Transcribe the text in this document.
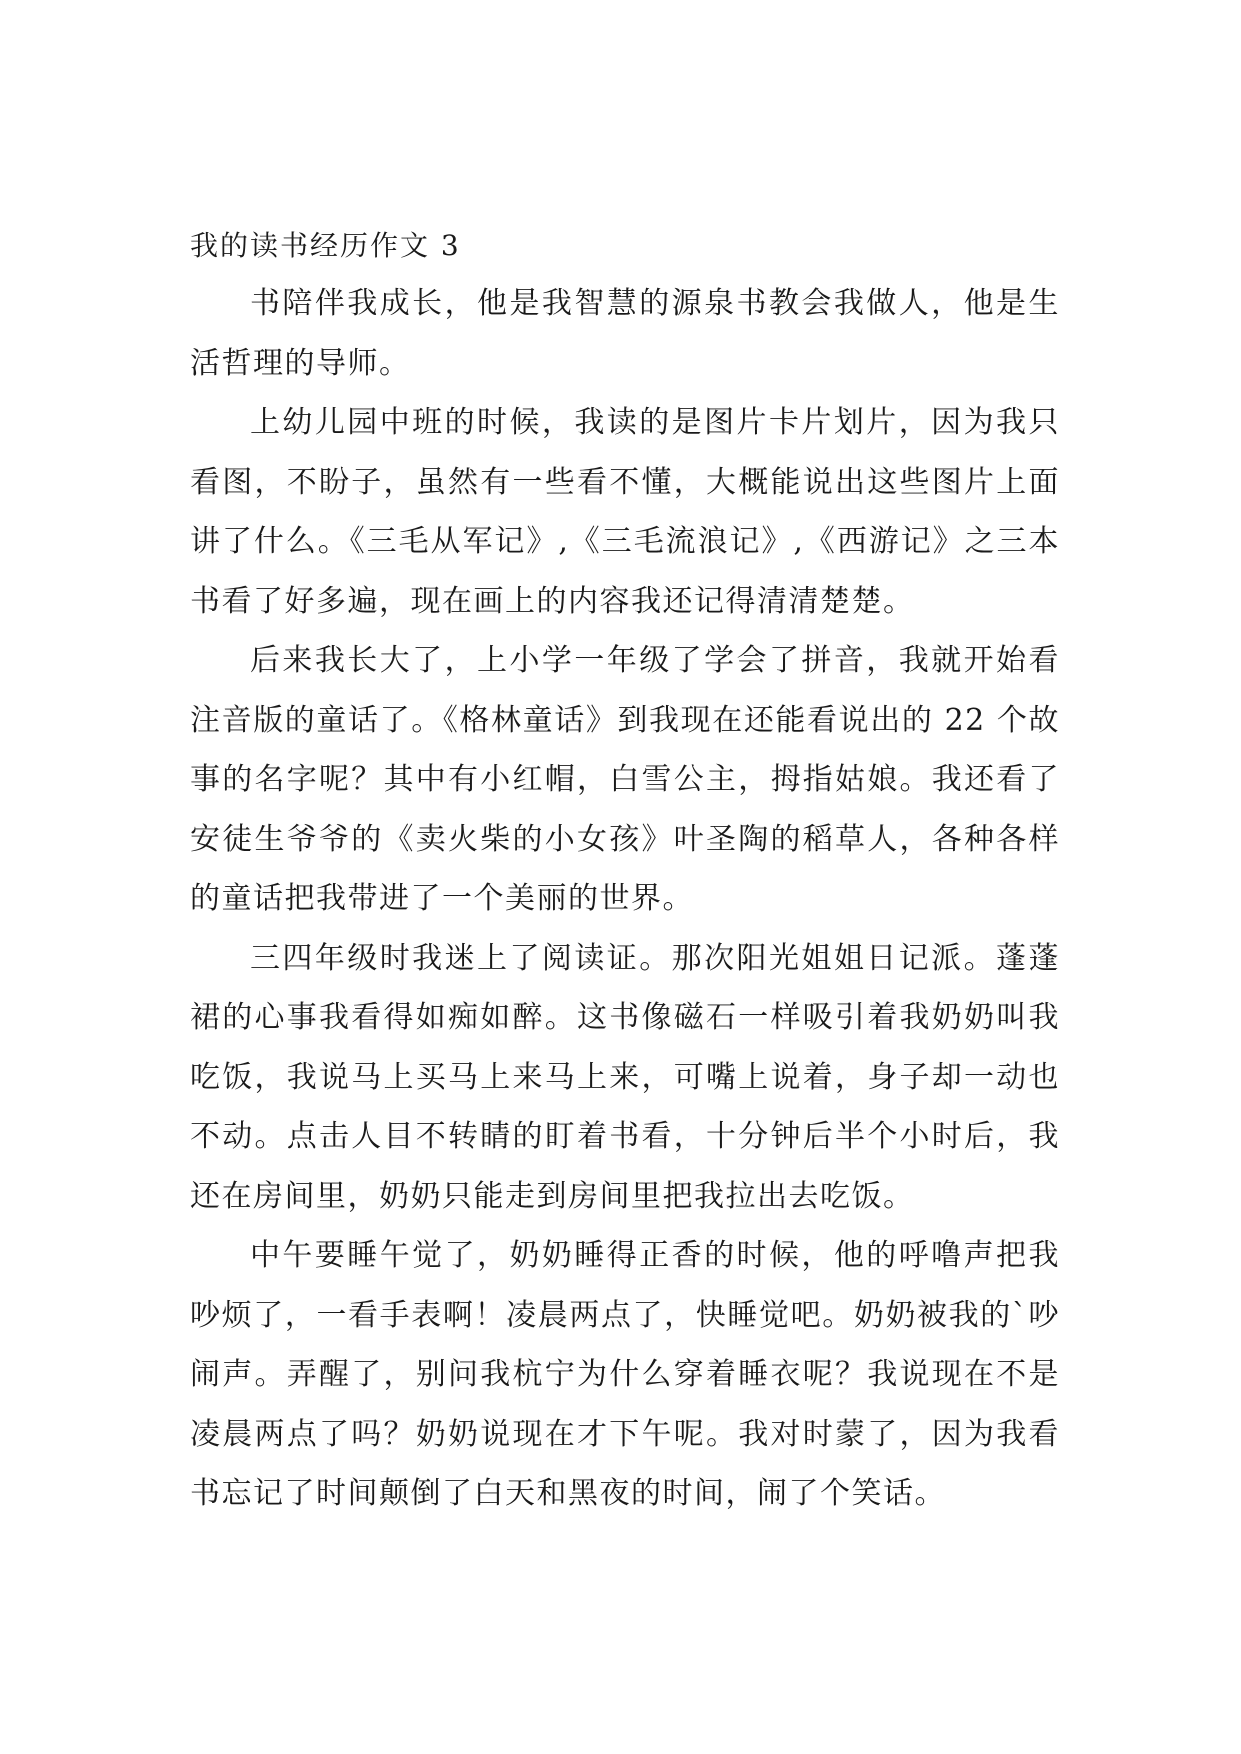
我的读书经历作文 3

书陪伴我成长，他是我智慧的源泉书教会我做人，他是生活哲理的导师。

上幼儿园中班的时候，我读的是图片卡片划片，因为我只看图，不盼子，虽然有一些看不懂，大概能说出这些图片上面讲了什么。《三毛从军记》,《三毛流浪记》,《西游记》之三本书看了好多遍，现在画上的内容我还记得清清楚楚。

后来我长大了，上小学一年级了学会了拼音，我就开始看注音版的童话了。《格林童话》到我现在还能看说出的 22 个故事的名字呢？其中有小红帽，白雪公主，拇指姑娘。我还看了安徒生爷爷的《卖火柴的小女孩》叶圣陶的稻草人，各种各样的童话把我带进了一个美丽的世界。

三四年级时我迷上了阅读证。那次阳光姐姐日记派。蓬蓬裙的心事我看得如痴如醉。这书像磁石一样吸引着我奶奶叫我吃饭，我说马上买马上来马上来，可嘴上说着，身子却一动也不动。点击人目不转睛的盯着书看，十分钟后半个小时后，我还在房间里，奶奶只能走到房间里把我拉出去吃饭。

中午要睡午觉了，奶奶睡得正香的时候，他的呼噜声把我吵烦了，一看手表啊！凌晨两点了，快睡觉吧。奶奶被我的`吵闹声。弄醒了，别问我杭宁为什么穿着睡衣呢？我说现在不是凌晨两点了吗？奶奶说现在才下午呢。我对时蒙了，因为我看书忘记了时间颠倒了白天和黑夜的时间，闹了个笑话。
